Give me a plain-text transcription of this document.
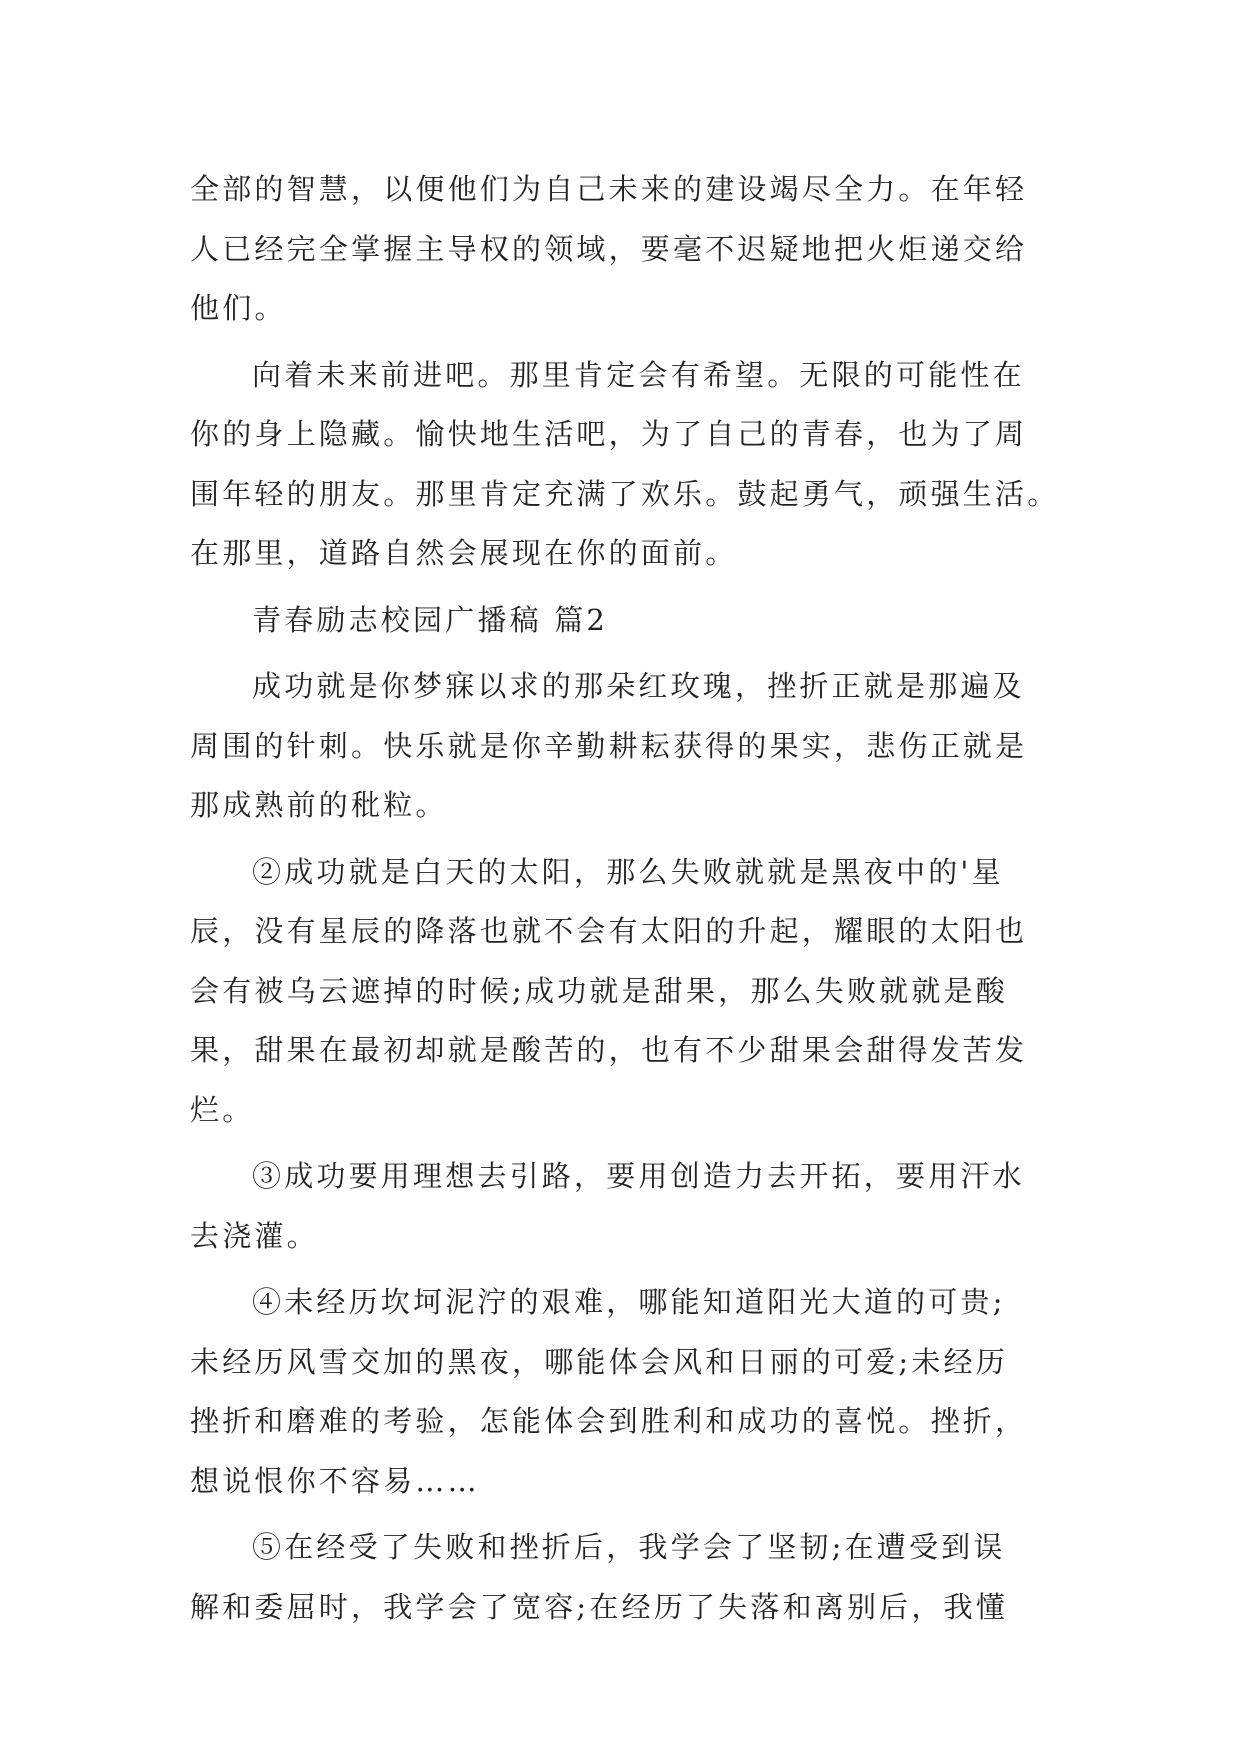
全部的智慧，以便他们为自己未来的建设竭尽全力。在年轻
人已经完全掌握主导权的领域，要毫不迟疑地把火炬递交给
他们。

向着未来前进吧。那里肯定会有希望。无限的可能性在
你的身上隐藏。愉快地生活吧，为了自己的青春，也为了周
围年轻的朋友。那里肯定充满了欢乐。鼓起勇气，顽强生活。
在那里，道路自然会展现在你的面前。

青春励志校园广播稿 篇2

成功就是你梦寐以求的那朵红玫瑰，挫折正就是那遍及
周围的针刺。快乐就是你辛勤耕耘获得的果实，悲伤正就是
那成熟前的秕粒。

②成功就是白天的太阳，那么失败就就是黑夜中的'星
辰，没有星辰的降落也就不会有太阳的升起，耀眼的太阳也
会有被乌云遮掉的时候;成功就是甜果，那么失败就就是酸
果，甜果在最初却就是酸苦的，也有不少甜果会甜得发苦发
烂。

③成功要用理想去引路，要用创造力去开拓，要用汗水
去浇灌。

④未经历坎坷泥泞的艰难，哪能知道阳光大道的可贵;
未经历风雪交加的黑夜，哪能体会风和日丽的可爱;未经历
挫折和磨难的考验，怎能体会到胜利和成功的喜悦。挫折，
想说恨你不容易……

⑤在经受了失败和挫折后，我学会了坚韧;在遭受到误
解和委屈时，我学会了宽容;在经历了失落和离别后，我懂
